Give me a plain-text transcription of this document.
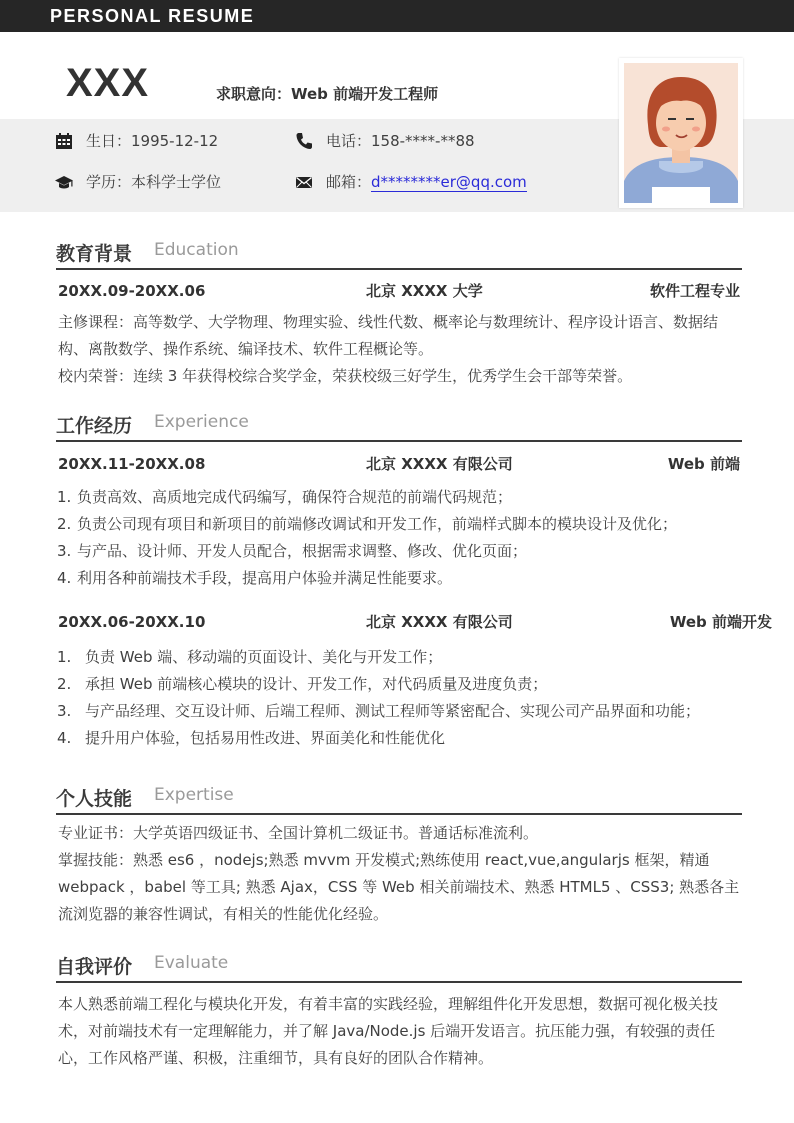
PERSONAL RESUME
XXX	求职意向：Web 前端开发工程师
生日：1995-12-12	电话：158-****-**88
学历：本科学士学位	邮箱：d********er@qq.com
教育背景 Education
20XX.09-20XX.06	北京 XXXX 大学	软件工程专业

主修课程：高等数学、大学物理、物理实验、线性代数、概率论与数理统计、程序设计语言、数据结构、离散数学、操作系统、编译技术、软件工程概论等。

校内荣誉：连续 3 年获得校综合奖学金，荣获校级三好学生，优秀学生会干部等荣誉。

工作经历 Experience
20XX.11-20XX.08	北京 XXXX 有限公司	Web 前端
1. 负责高效、高质地完成代码编写，确保符合规范的前端代码规范；
2. 负责公司现有项目和新项目的前端修改调试和开发工作，前端样式脚本的模块设计及优化；
3. 与产品、设计师、开发人员配合，根据需求调整、修改、优化页面；
4. 利用各种前端技术手段，提高用户体验并满足性能要求。
20XX.06-20XX.10	北京 XXXX 有限公司	Web 前端开发
1. 负责 Web 端、移动端的页面设计、美化与开发工作；
2. 承担 Web 前端核心模块的设计、开发工作，对代码质量及进度负责；
3. 与产品经理、交互设计师、后端工程师、测试工程师等紧密配合、实现公司产品界面和功能；
4. 提升用户体验，包括易用性改进、界面美化和性能优化
个人技能 Expertise

专业证书：大学英语四级证书、全国计算机二级证书。普通话标准流利。

掌握技能：熟悉 es6 ，nodejs;熟悉 mvvm 开发模式;熟练使用 react,vue,angularjs 框架，精通 webpack ，babel 等工具; 熟悉 Ajax，CSS 等 Web 相关前端技术、熟悉 HTML5 、CSS3; 熟悉各主流浏览器的兼容性调试，有相关的性能优化经验。

自我评价 Evaluate

本人熟悉前端工程化与模块化开发，有着丰富的实践经验，理解组件化开发思想，数据可视化极关技术，对前端技术有一定理解能力，并了解 Java/Node.js 后端开发语言。抗压能力强，有较强的责任心，工作风格严谨、积极，注重细节，具有良好的团队合作精神。
